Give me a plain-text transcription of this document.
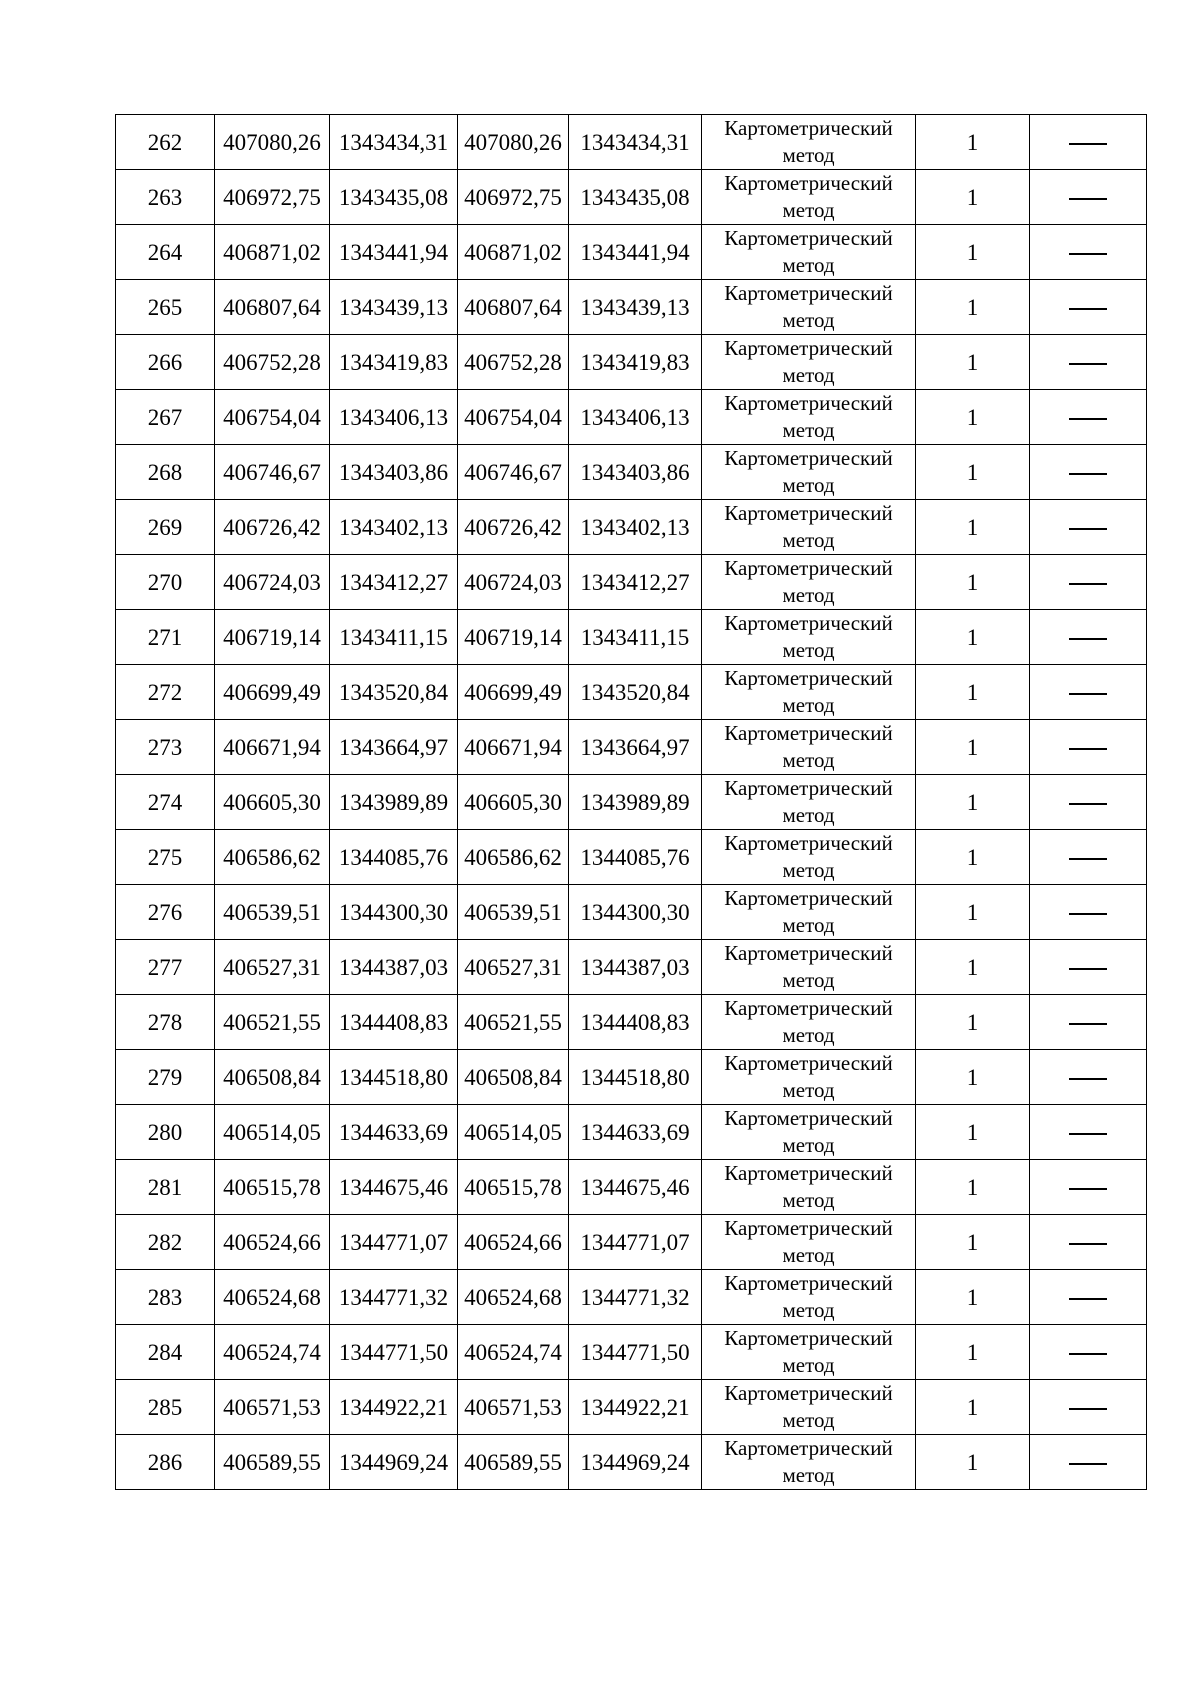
262	407080,26	1343434,31	407080,26	1343434,31	Картометрический метод	1	
263	406972,75	1343435,08	406972,75	1343435,08	Картометрический метод	1	
264	406871,02	1343441,94	406871,02	1343441,94	Картометрический метод	1	
265	406807,64	1343439,13	406807,64	1343439,13	Картометрический метод	1	
266	406752,28	1343419,83	406752,28	1343419,83	Картометрический метод	1	
267	406754,04	1343406,13	406754,04	1343406,13	Картометрический метод	1	
268	406746,67	1343403,86	406746,67	1343403,86	Картометрический метод	1	
269	406726,42	1343402,13	406726,42	1343402,13	Картометрический метод	1	
270	406724,03	1343412,27	406724,03	1343412,27	Картометрический метод	1	
271	406719,14	1343411,15	406719,14	1343411,15	Картометрический метод	1	
272	406699,49	1343520,84	406699,49	1343520,84	Картометрический метод	1	
273	406671,94	1343664,97	406671,94	1343664,97	Картометрический метод	1	
274	406605,30	1343989,89	406605,30	1343989,89	Картометрический метод	1	
275	406586,62	1344085,76	406586,62	1344085,76	Картометрический метод	1	
276	406539,51	1344300,30	406539,51	1344300,30	Картометрический метод	1	
277	406527,31	1344387,03	406527,31	1344387,03	Картометрический метод	1	
278	406521,55	1344408,83	406521,55	1344408,83	Картометрический метод	1	
279	406508,84	1344518,80	406508,84	1344518,80	Картометрический метод	1	
280	406514,05	1344633,69	406514,05	1344633,69	Картометрический метод	1	
281	406515,78	1344675,46	406515,78	1344675,46	Картометрический метод	1	
282	406524,66	1344771,07	406524,66	1344771,07	Картометрический метод	1	
283	406524,68	1344771,32	406524,68	1344771,32	Картометрический метод	1	
284	406524,74	1344771,50	406524,74	1344771,50	Картометрический метод	1	
285	406571,53	1344922,21	406571,53	1344922,21	Картометрический метод	1	
286	406589,55	1344969,24	406589,55	1344969,24	Картометрический метод	1	
